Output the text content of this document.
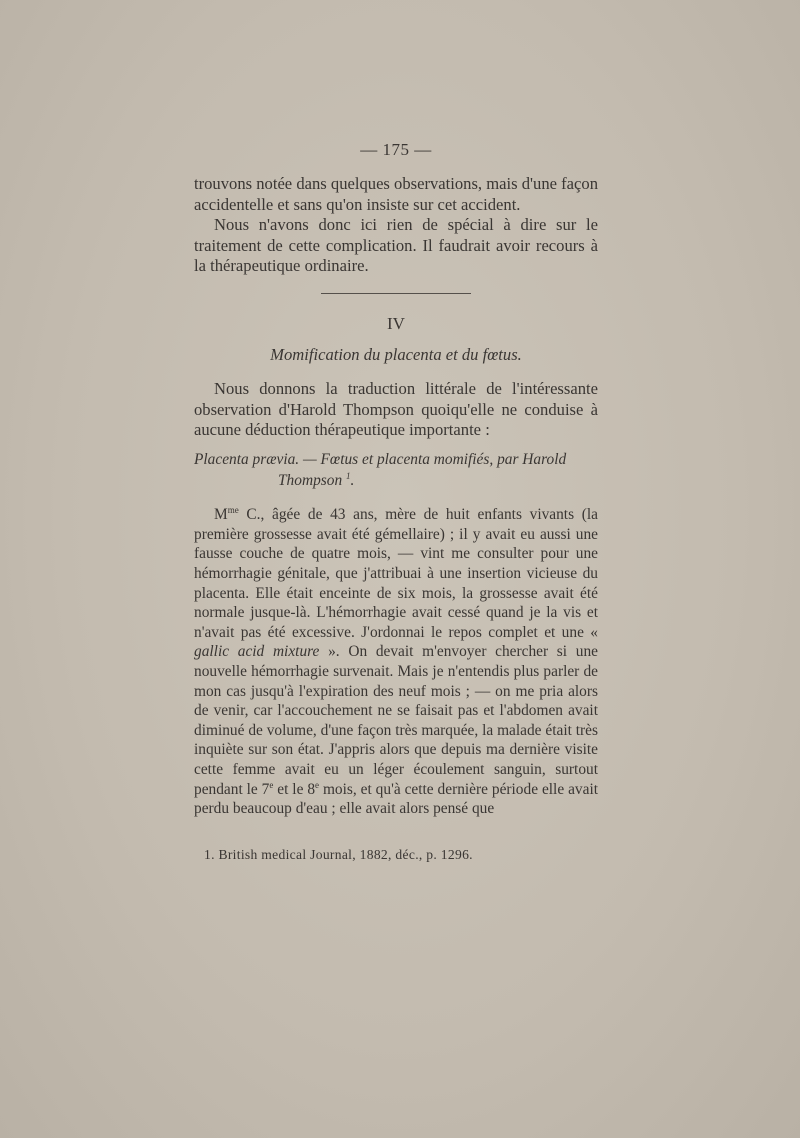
— 175 —

trouvons notée dans quelques observations, mais d'une façon accidentelle et sans qu'on insiste sur cet accident.

Nous n'avons donc ici rien de spécial à dire sur le traitement de cette complication. Il faudrait avoir recours à la thérapeutique ordinaire.

IV
Momification du placenta et du fœtus.

Nous donnons la traduction littérale de l'intéressante observation d'Harold Thompson quoiqu'elle ne conduise à aucune déduction thérapeutique importante :

Placenta prævia. — Fœtus et placenta momifiés, par Harold
Thompson $^1$.

$M^{me}$ C., âgée de 43 ans, mère de huit enfants vivants (la première grossesse avait été gémellaire) ; il y avait eu aussi une fausse couche de quatre mois, — vint me consulter pour une hémorrhagie génitale, que j'attribuai à une insertion vicieuse du placenta. Elle était enceinte de six mois, la grossesse avait été normale jusque-là. L'hémorrhagie avait cessé quand je la vis et n'avait pas été excessive. J'ordonnai le repos complet et une « gallic acid mixture ». On devait m'envoyer chercher si une nouvelle hémorrhagie survenait. Mais je n'entendis plus parler de mon cas jusqu'à l'expiration des neuf mois ; — on me pria alors de venir, car l'accouchement ne se faisait pas et l'abdomen avait diminué de volume, d'une façon très marquée, la malade était très inquiète sur son état. J'appris alors que depuis ma dernière visite cette femme avait eu un léger écoulement sanguin, surtout pendant le 7e et le 8e mois, et qu'à cette dernière période elle avait perdu beaucoup d'eau ; elle avait alors pensé que

1. British medical Journal, 1882, déc., p. 1296.
